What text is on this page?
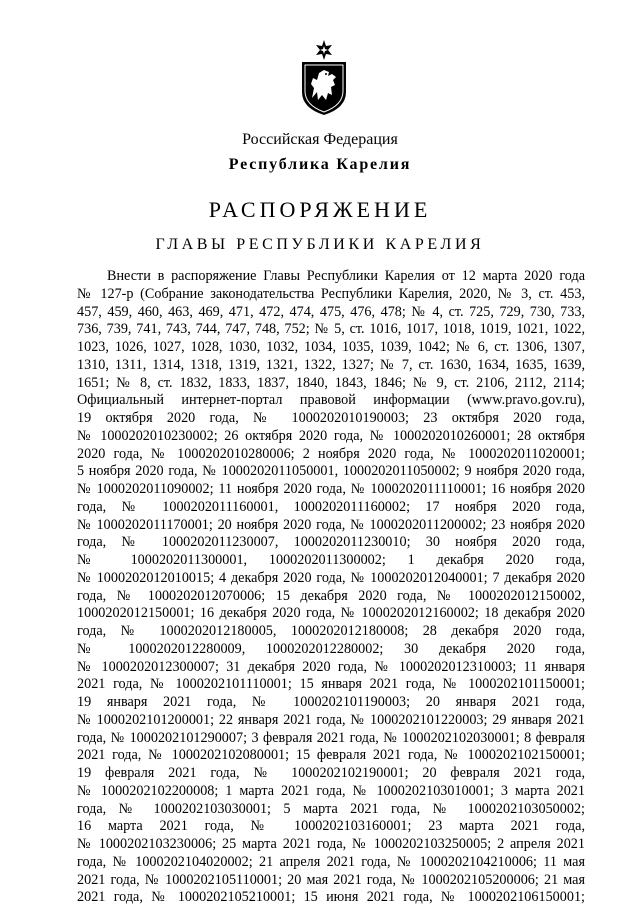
Российская Федерация
Республика Карелия
РАСПОРЯЖЕНИЕ
ГЛАВЫ РЕСПУБЛИКИ КАРЕЛИЯ
Внести в распоряжение Главы Республики Карелия от 12 марта 2020 года
№ 127-р (Собрание законодательства Республики Карелия, 2020, № 3, ст. 453,
457, 459, 460, 463, 469, 471, 472, 474, 475, 476, 478; № 4, ст. 725, 729, 730, 733,
736, 739, 741, 743, 744, 747, 748, 752; № 5, ст. 1016, 1017, 1018, 1019, 1021, 1022,
1023, 1026, 1027, 1028, 1030, 1032, 1034, 1035, 1039, 1042; № 6, ст. 1306, 1307,
1310, 1311, 1314, 1318, 1319, 1321, 1322, 1327; № 7, ст. 1630, 1634, 1635, 1639,
1651; № 8, ст. 1832, 1833, 1837, 1840, 1843, 1846; № 9, ст. 2106, 2112, 2114;
Официальный интернет-портал правовой информации (www.pravo.gov.ru),
19 октября 2020 года, № 1000202010190003; 23 октября 2020 года,
№ 1000202010230002; 26 октября 2020 года, № 1000202010260001; 28 октября
2020 года, № 1000202010280006; 2 ноября 2020 года, № 1000202011020001;
5 ноября 2020 года, № 1000202011050001, 1000202011050002; 9 ноября 2020 года,
№ 1000202011090002; 11 ноября 2020 года, № 1000202011110001; 16 ноября 2020
года, № 1000202011160001, 1000202011160002; 17 ноября 2020 года,
№ 1000202011170001; 20 ноября 2020 года, № 1000202011200002; 23 ноября 2020
года, № 1000202011230007, 1000202011230010; 30 ноября 2020 года,
№ 1000202011300001, 1000202011300002; 1 декабря 2020 года,
№ 1000202012010015; 4 декабря 2020 года, № 1000202012040001; 7 декабря 2020
года, № 1000202012070006; 15 декабря 2020 года, № 1000202012150002,
1000202012150001; 16 декабря 2020 года, № 1000202012160002; 18 декабря 2020
года, № 1000202012180005, 1000202012180008; 28 декабря 2020 года,
№ 1000202012280009, 1000202012280002; 30 декабря 2020 года,
№ 1000202012300007; 31 декабря 2020 года, № 1000202012310003; 11 января
2021 года, № 1000202101110001; 15 января 2021 года, № 1000202101150001;
19 января 2021 года, № 1000202101190003; 20 января 2021 года,
№ 1000202101200001; 22 января 2021 года, № 1000202101220003; 29 января 2021
года, № 1000202101290007; 3 февраля 2021 года, № 1000202102030001; 8 февраля
2021 года, № 1000202102080001; 15 февраля 2021 года, № 1000202102150001;
19 февраля 2021 года, № 1000202102190001; 20 февраля 2021 года,
№ 1000202102200008; 1 марта 2021 года, № 1000202103010001; 3 марта 2021
года, № 1000202103030001; 5 марта 2021 года, № 1000202103050002;
16 марта 2021 года, № 1000202103160001; 23 марта 2021 года,
№ 1000202103230006; 25 марта 2021 года, № 1000202103250005; 2 апреля 2021
года, № 1000202104020002; 21 апреля 2021 года, № 1000202104210006; 11 мая
2021 года, № 1000202105110001; 20 мая 2021 года, № 1000202105200006; 21 мая
2021 года, № 1000202105210001; 15 июня 2021 года, № 1000202106150001;
